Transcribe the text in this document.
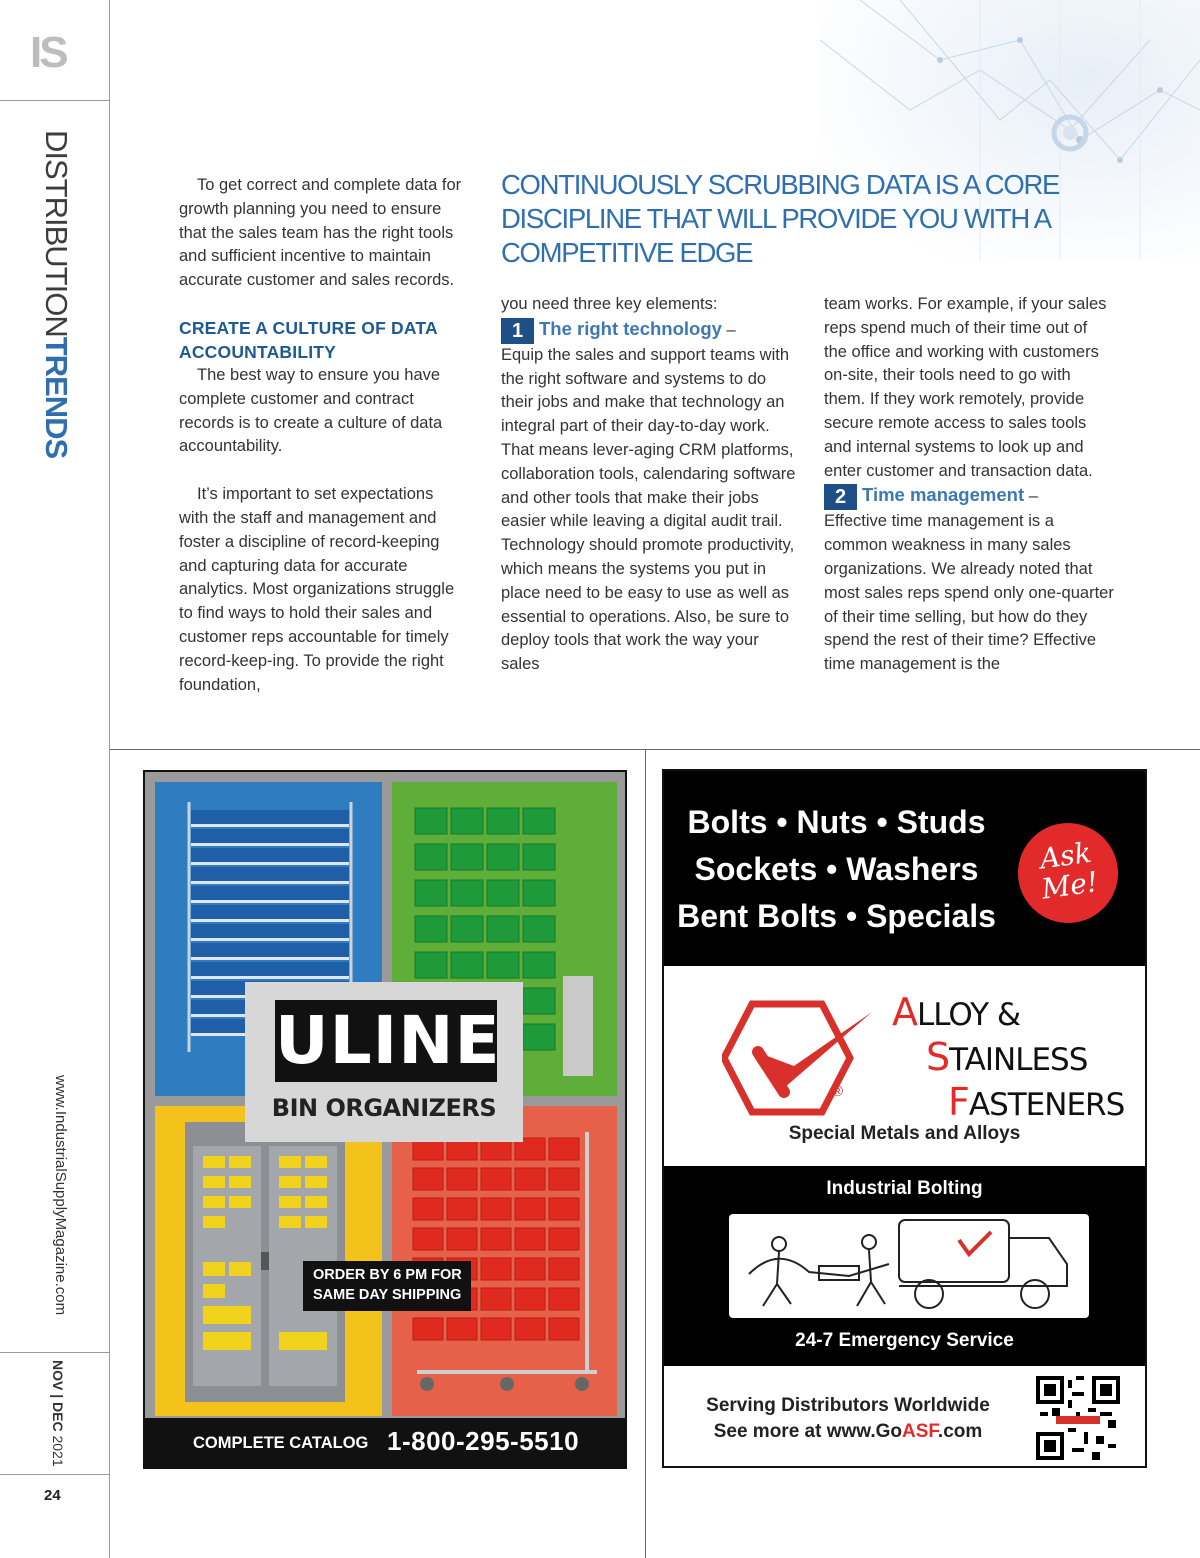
IS
DISTRIBUTIONTRENDS
www.IndustrialSupplyMagazine.com
NOV | DEC 2021
24
CONTINUOUSLY SCRUBBING DATA IS A CORE DISCIPLINE THAT WILL PROVIDE YOU WITH A COMPETITIVE EDGE

To get correct and complete data for growth planning you need to ensure that the sales team has the right tools and sufficient incentive to maintain accurate customer and sales records.

CREATE A CULTURE OF DATA ACCOUNTABILITY

The best way to ensure you have complete customer and contract records is to create a culture of data accountability.

It’s important to set expectations with the staff and management and foster a discipline of record-keeping and capturing data for accurate analytics. Most organizations struggle to find ways to hold their sales and customer reps accountable for timely record-keep-ing. To provide the right foundation,

you need three key elements:

1 The right technology –

Equip the sales and support teams with the right software and systems to do their jobs and make that technology an integral part of their day-to-day work. That means lever-aging CRM platforms, collaboration tools, calendaring software and other tools that make their jobs easier while leaving a digital audit trail. Technology should promote productivity, which means the systems you put in place need to be easy to use as well as essential to operations. Also, be sure to deploy tools that work the way your sales

team works. For example, if your sales reps spend much of their time out of the office and working with customers on-site, their tools need to go with them. If they work remotely, provide secure remote access to sales tools and internal systems to look up and enter customer and transaction data.

2 Time management –

Effective time management is a common weakness in many sales organizations. We already noted that most sales reps spend only one-quarter of their time selling, but how do they spend the rest of their time? Effective time management is the

ULINE
BIN ORGANIZERS
ORDER BY 6 PM FOR
SAME DAY SHIPPING
COMPLETE CATALOG 1-800-295-5510
Bolts • Nuts • Studs
Sockets • Washers
Bent Bolts • Specials
Ask
Me!
ALLOY &
STAINLESS
FASTENERS
®
Special Metals and Alloys
Industrial Bolting
24-7 Emergency Service
Serving Distributors Worldwide
See more at www.GoASF.com
